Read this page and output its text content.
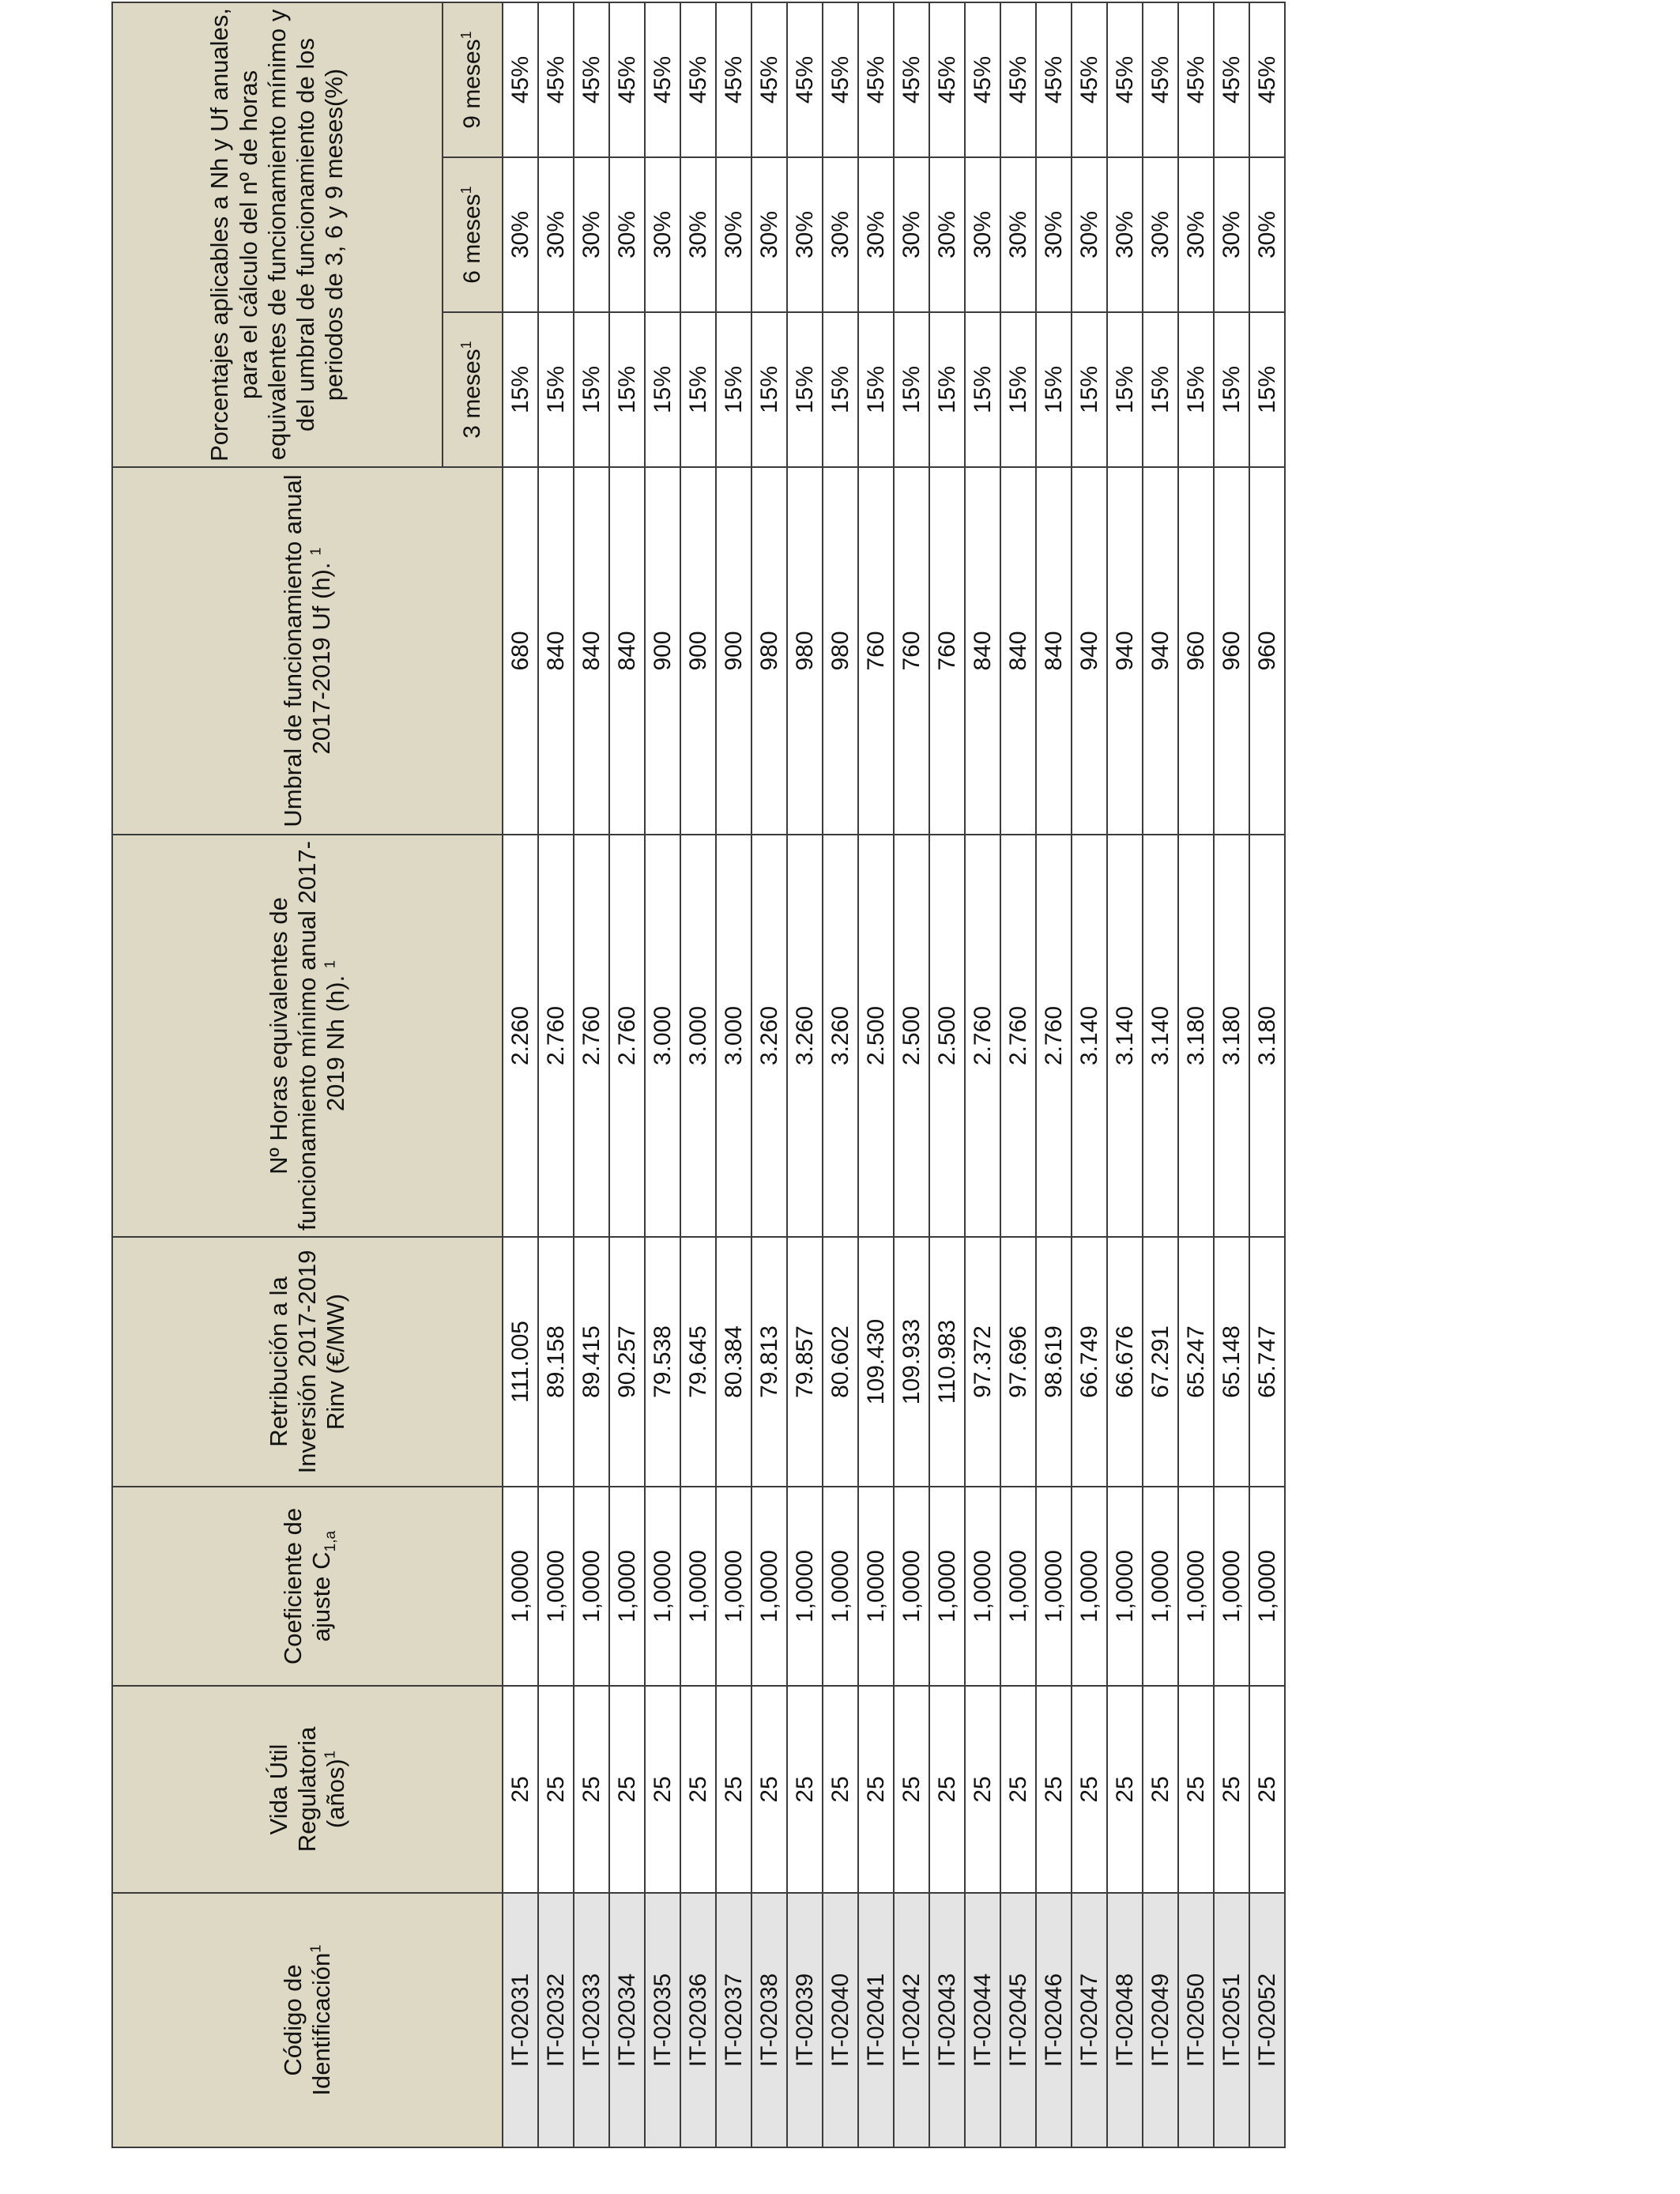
Código de Identificación$^1$	Vida Útil Regulatoria (años)$^1$	Coeficiente de ajuste $C_{1,a}$	Retribución a la Inversión 2017-2019 Rinv (€/MW)	Nº Horas equivalentes de funcionamiento mínimo anual 2017-2019 Nh (h). $^1$	Umbral de funcionamiento anual 2017-2019 Uf (h). $^1$	Porcentajes aplicables a Nh y Uf anuales, para el cálculo del nº de horas equivalentes de funcionamiento mínimo y del umbral de funcionamiento de los periodos de 3, 6 y 9 meses(%)		
						3 meses$^1$	6 meses$^1$	9 meses$^1$
IT-02031	25	1,0000	111.005	2.260	680	15%	30%	45%
IT-02032	25	1,0000	89.158	2.760	840	15%	30%	45%
IT-02033	25	1,0000	89.415	2.760	840	15%	30%	45%
IT-02034	25	1,0000	90.257	2.760	840	15%	30%	45%
IT-02035	25	1,0000	79.538	3.000	900	15%	30%	45%
IT-02036	25	1,0000	79.645	3.000	900	15%	30%	45%
IT-02037	25	1,0000	80.384	3.000	900	15%	30%	45%
IT-02038	25	1,0000	79.813	3.260	980	15%	30%	45%
IT-02039	25	1,0000	79.857	3.260	980	15%	30%	45%
IT-02040	25	1,0000	80.602	3.260	980	15%	30%	45%
IT-02041	25	1,0000	109.430	2.500	760	15%	30%	45%
IT-02042	25	1,0000	109.933	2.500	760	15%	30%	45%
IT-02043	25	1,0000	110.983	2.500	760	15%	30%	45%
IT-02044	25	1,0000	97.372	2.760	840	15%	30%	45%
IT-02045	25	1,0000	97.696	2.760	840	15%	30%	45%
IT-02046	25	1,0000	98.619	2.760	840	15%	30%	45%
IT-02047	25	1,0000	66.749	3.140	940	15%	30%	45%
IT-02048	25	1,0000	66.676	3.140	940	15%	30%	45%
IT-02049	25	1,0000	67.291	3.140	940	15%	30%	45%
IT-02050	25	1,0000	65.247	3.180	960	15%	30%	45%
IT-02051	25	1,0000	65.148	3.180	960	15%	30%	45%
IT-02052	25	1,0000	65.747	3.180	960	15%	30%	45%
